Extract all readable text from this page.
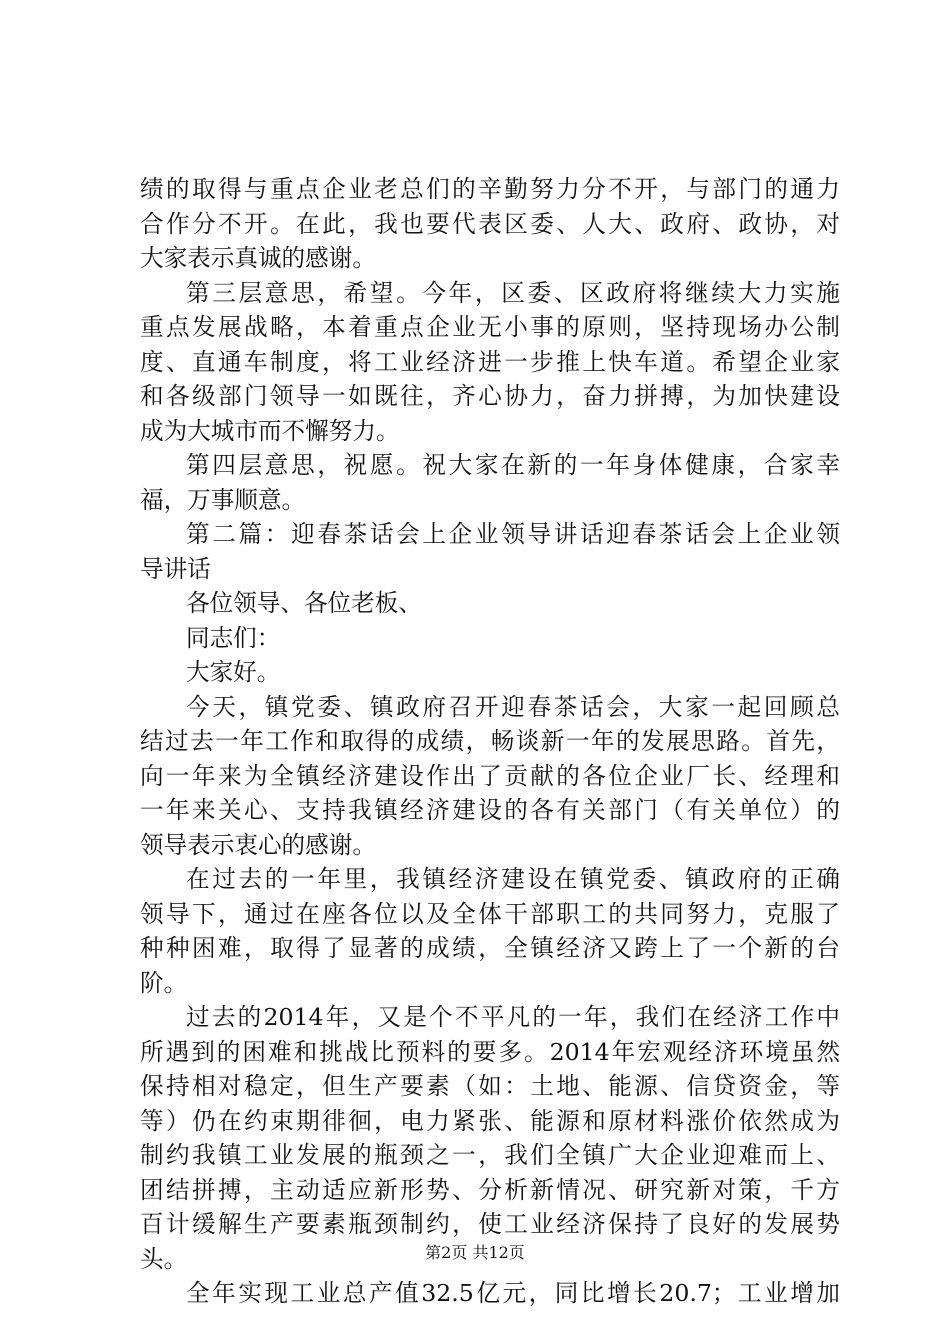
绩的取得与重点企业老总们的辛勤努力分不开，与部门的通力
合作分不开。在此，我也要代表区委、人大、政府、政协，对
大家表示真诚的感谢。
第三层意思，希望。今年，区委、区政府将继续大力实施
重点发展战略，本着重点企业无小事的原则，坚持现场办公制
度、直通车制度，将工业经济进一步推上快车道。希望企业家
和各级部门领导一如既往，齐心协力，奋力拼搏，为加快建设
成为大城市而不懈努力。
第四层意思，祝愿。祝大家在新的一年身体健康，合家幸
福，万事顺意。
第二篇：迎春茶话会上企业领导讲话迎春茶话会上企业领
导讲话
各位领导、各位老板、
同志们：
大家好。
今天，镇党委、镇政府召开迎春茶话会，大家一起回顾总
结过去一年工作和取得的成绩，畅谈新一年的发展思路。首先，
向一年来为全镇经济建设作出了贡献的各位企业厂长、经理和
一年来关心、支持我镇经济建设的各有关部门（有关单位）的
领导表示衷心的感谢。
在过去的一年里，我镇经济建设在镇党委、镇政府的正确
领导下，通过在座各位以及全体干部职工的共同努力，克服了
种种困难，取得了显著的成绩，全镇经济又跨上了一个新的台
阶。
过去的2014年，又是个不平凡的一年，我们在经济工作中
所遇到的困难和挑战比预料的要多。2014年宏观经济环境虽然
保持相对稳定，但生产要素（如：土地、能源、信贷资金，等
等）仍在约束期徘徊，电力紧张、能源和原材料涨价依然成为
制约我镇工业发展的瓶颈之一，我们全镇广大企业迎难而上、
团结拼搏，主动适应新形势、分析新情况、研究新对策，千方
百计缓解生产要素瓶颈制约，使工业经济保持了良好的发展势
头。
全年实现工业总产值32.5亿元，同比增长20.7；工业增加
第2页 共12页
